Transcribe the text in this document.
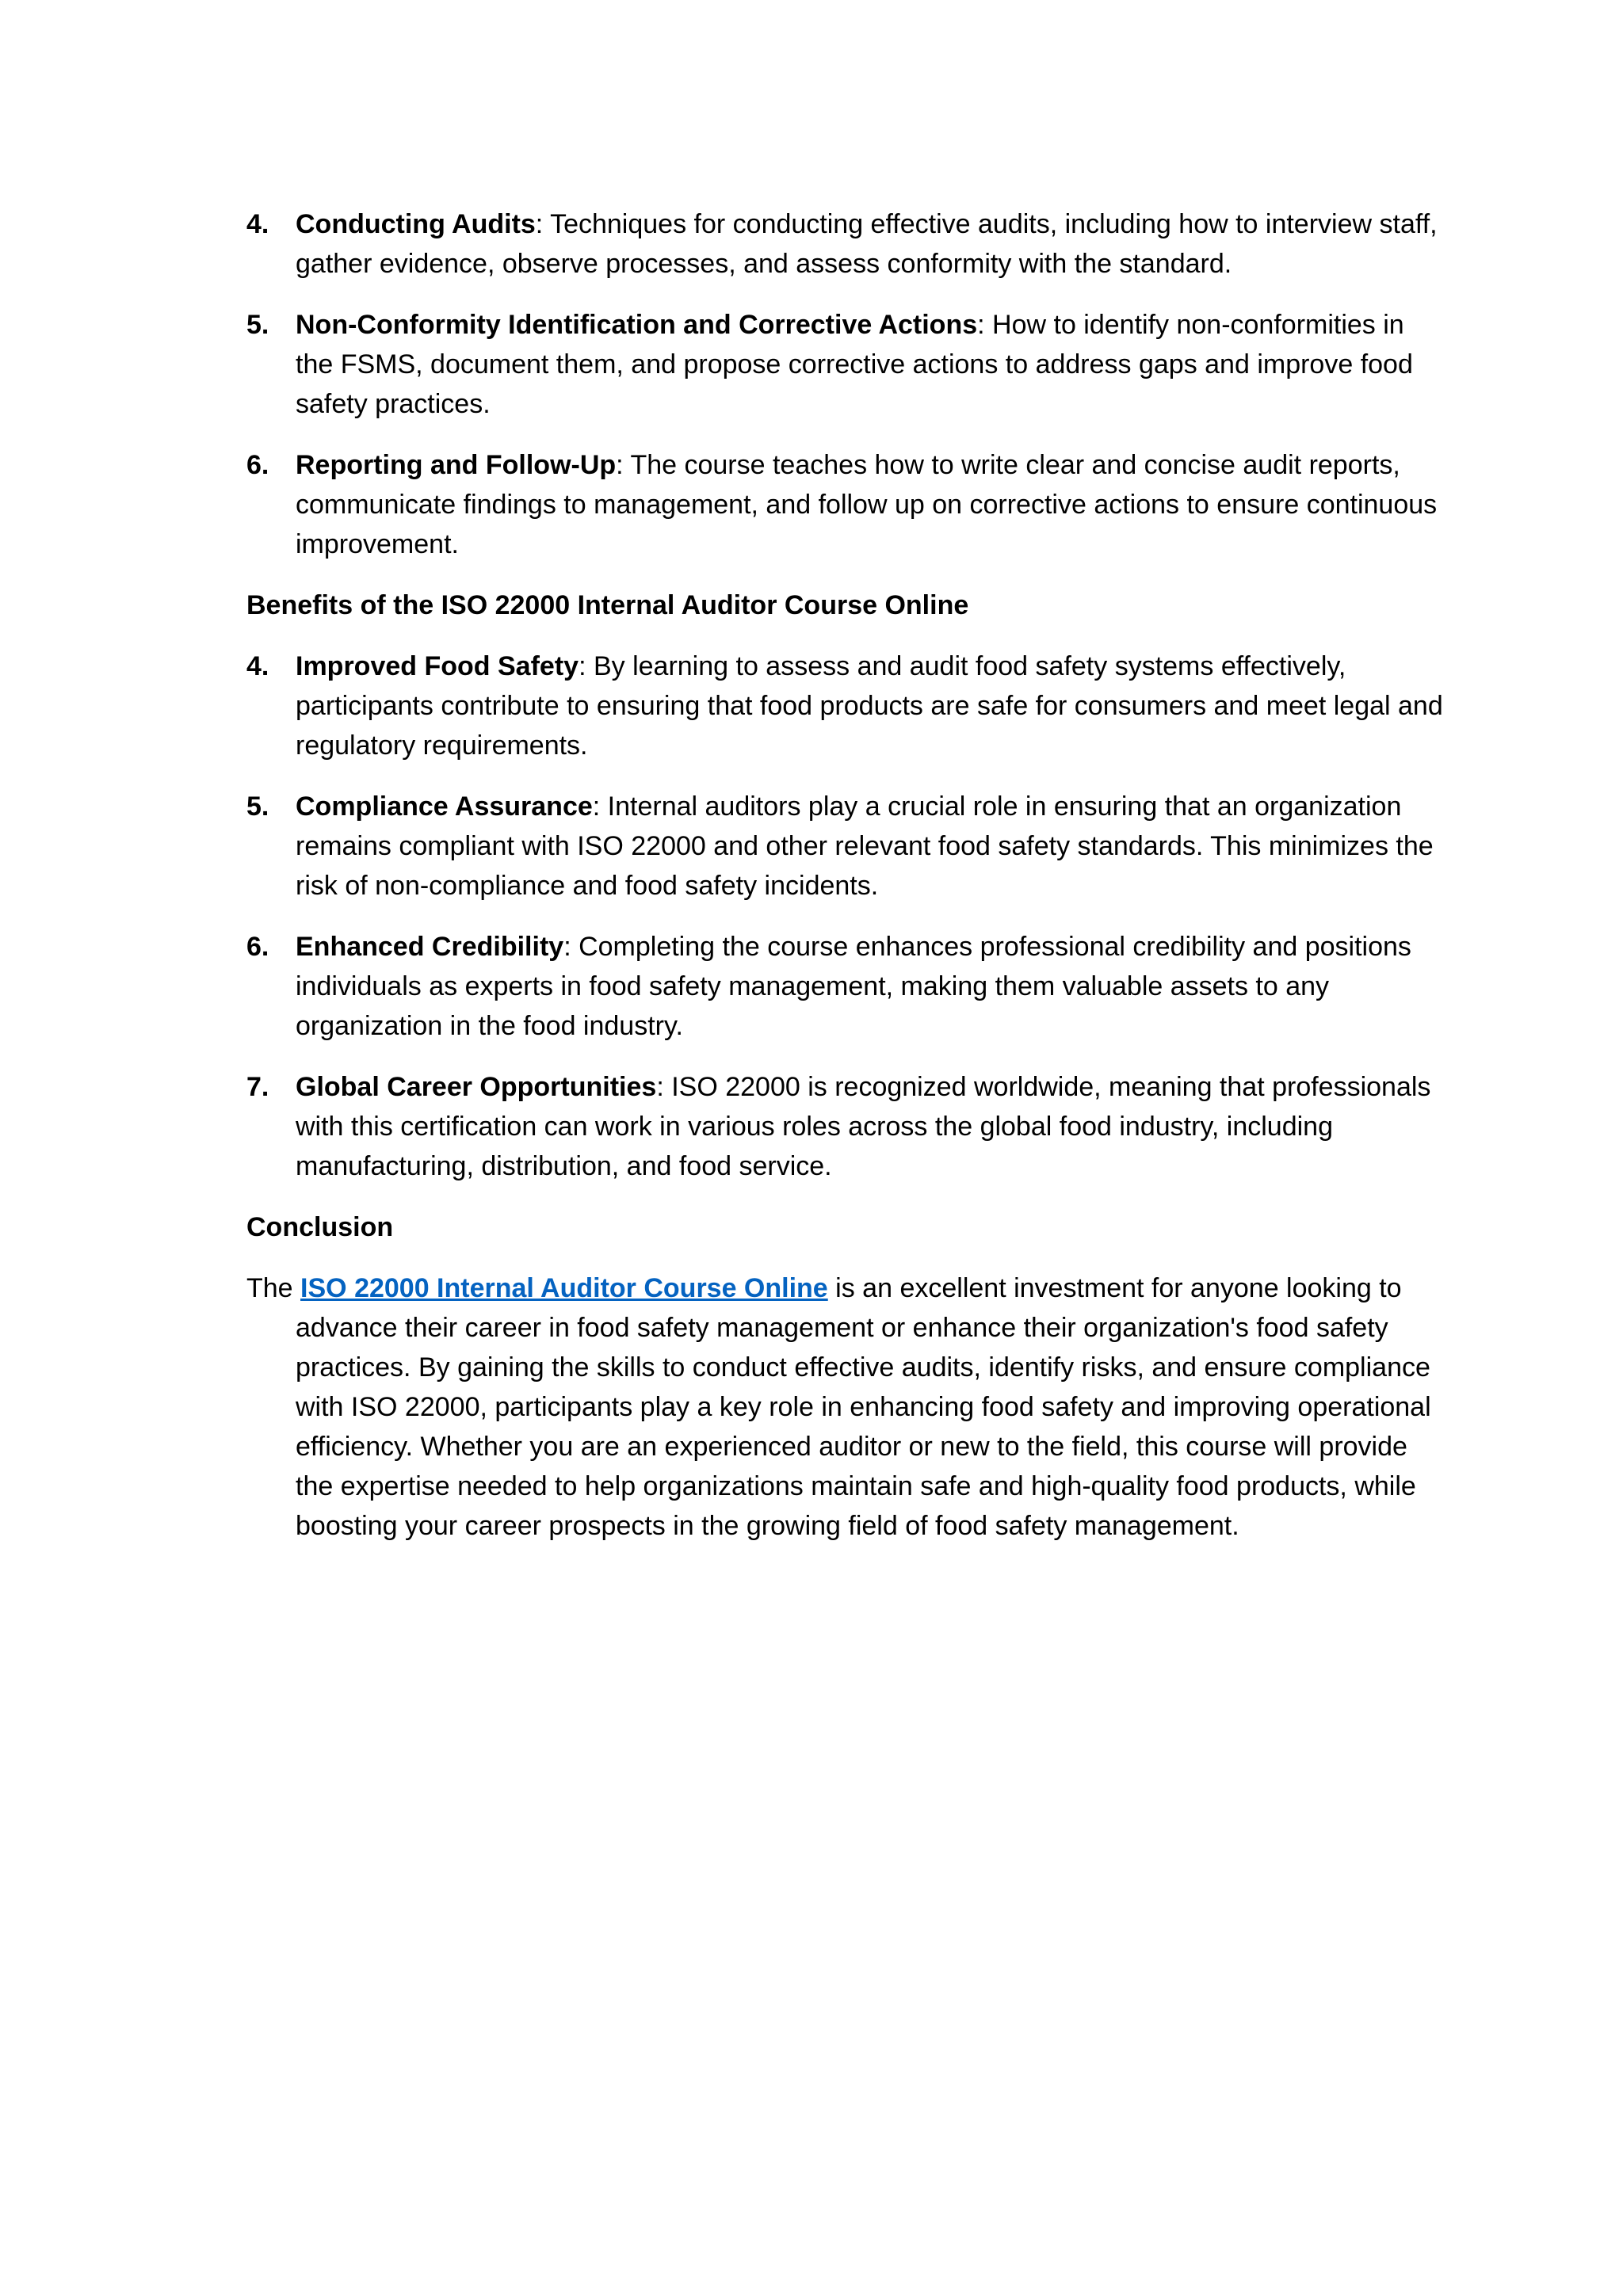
4. Conducting Audits: Techniques for conducting effective audits, including how to interview staff, gather evidence, observe processes, and assess conformity with the standard.
5. Non-Conformity Identification and Corrective Actions: How to identify non-conformities in the FSMS, document them, and propose corrective actions to address gaps and improve food safety practices.
6. Reporting and Follow-Up: The course teaches how to write clear and concise audit reports, communicate findings to management, and follow up on corrective actions to ensure continuous improvement.
Benefits of the ISO 22000 Internal Auditor Course Online
4. Improved Food Safety: By learning to assess and audit food safety systems effectively, participants contribute to ensuring that food products are safe for consumers and meet legal and regulatory requirements.
5. Compliance Assurance: Internal auditors play a crucial role in ensuring that an organization remains compliant with ISO 22000 and other relevant food safety standards. This minimizes the risk of non-compliance and food safety incidents.
6. Enhanced Credibility: Completing the course enhances professional credibility and positions individuals as experts in food safety management, making them valuable assets to any organization in the food industry.
7. Global Career Opportunities: ISO 22000 is recognized worldwide, meaning that professionals with this certification can work in various roles across the global food industry, including manufacturing, distribution, and food service.
Conclusion
The ISO 22000 Internal Auditor Course Online is an excellent investment for anyone looking to advance their career in food safety management or enhance their organization's food safety practices. By gaining the skills to conduct effective audits, identify risks, and ensure compliance with ISO 22000, participants play a key role in enhancing food safety and improving operational efficiency. Whether you are an experienced auditor or new to the field, this course will provide the expertise needed to help organizations maintain safe and high-quality food products, while boosting your career prospects in the growing field of food safety management.
